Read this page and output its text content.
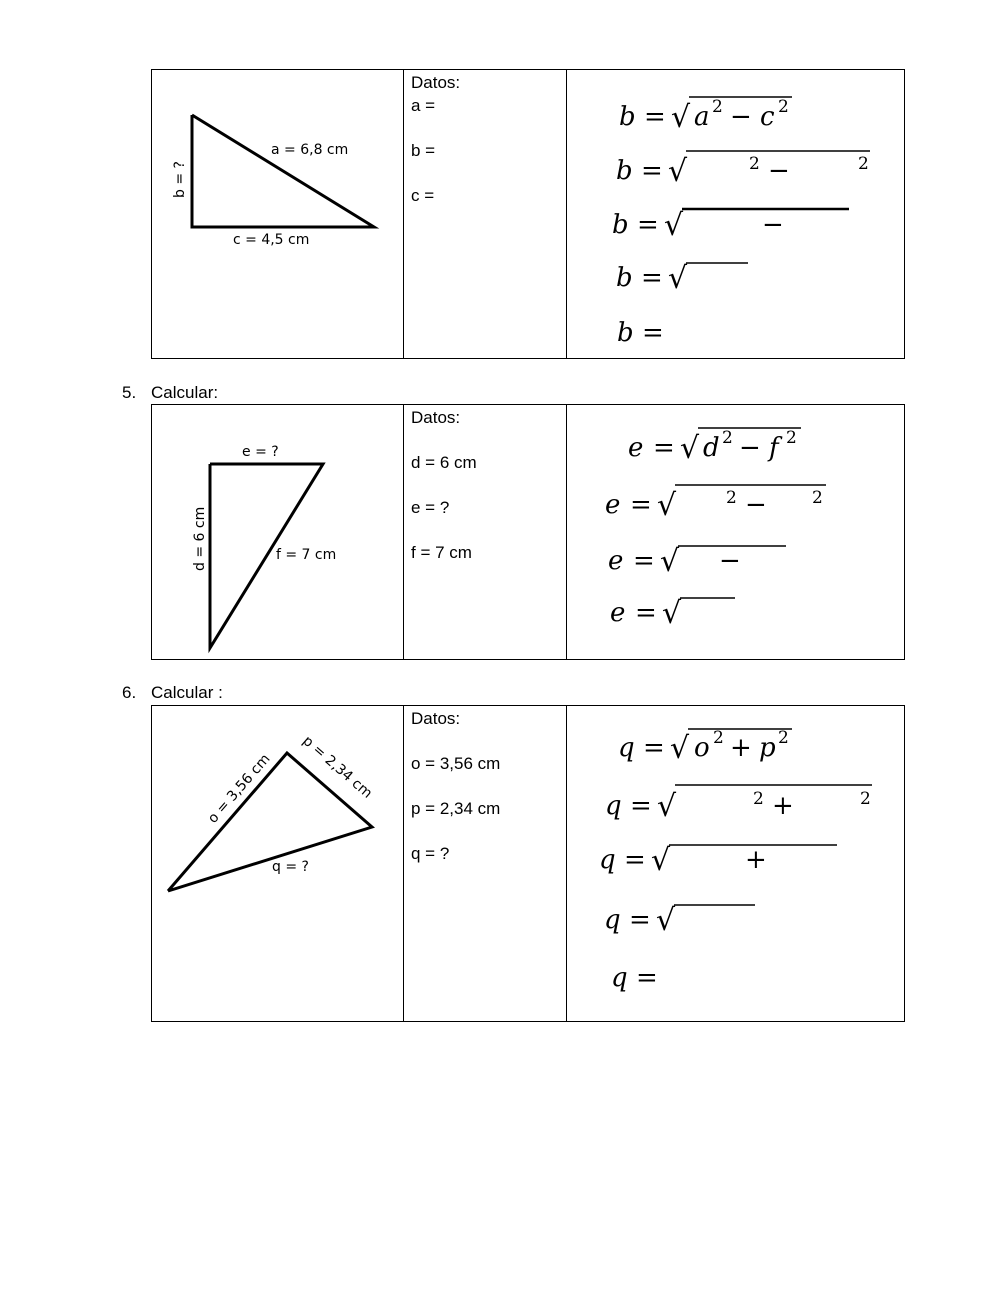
a = 6,8 cm
c = 4,5 cm
b = ?
Datos:
a =
b =
c =
b = √ a 2 − c 2
b = √	2 −	2
b = √	−
b = √
b =
5. Calcular:
e = ?
f = 7 cm
d = 6 cm
Datos:
d = 6 cm
e = ?
f = 7 cm
e = √ d 2 − f 2
e = √	2 −	2
e = √ −
e = √
6. Calcular :
o = 3,56 cm p = 2,34 cm
q = ?
Datos:
o = 3,56 cm
p = 2,34 cm
q = ?
q = √ o 2 + p 2
q = √	2 +	2
q = √	+
q = √
q =
